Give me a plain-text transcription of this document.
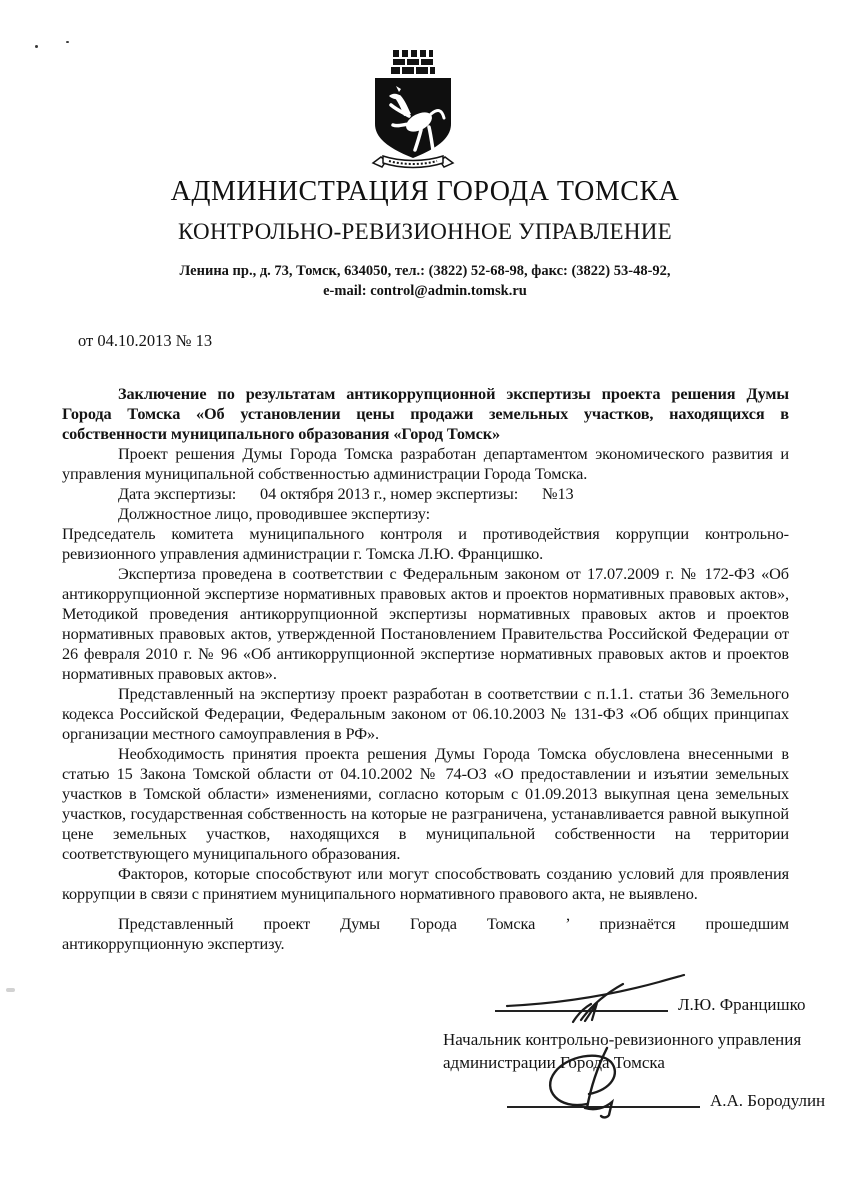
АДМИНИСТРАЦИЯ ГОРОДА ТОМСКА
КОНТРОЛЬНО-РЕВИЗИОННОЕ УПРАВЛЕНИЕ
Ленина пр., д. 73, Томск, 634050, тел.: (3822) 52-68-98, факс: (3822) 53-48-92,
e-mail: control@admin.tomsk.ru
от 04.10.2013 № 13

Заключение по результатам антикоррупционной экспертизы проекта решения Думы Города Томска «Об установлении цены продажи земельных участков, находящихся в собственности муниципального образования «Город Томск»

Проект решения Думы Города Томска разработан департаментом экономического развития и управления муниципальной собственностью администрации Города Томска.

Дата экспертизы:      04 октября 2013 г., номер экспертизы:      №13

Должностное лицо, проводившее экспертизу:

Председатель комитета муниципального контроля и противодействия коррупции контрольно-ревизионного управления администрации г. Томска Л.Ю. Францишко.

Экспертиза проведена в соответствии с Федеральным законом от 17.07.2009 г. № 172-ФЗ «Об антикоррупционной экспертизе нормативных правовых актов и проектов нормативных правовых актов», Методикой проведения антикоррупционной экспертизы нормативных правовых актов и проектов нормативных правовых актов, утвержденной Постановлением Правительства Российской Федерации от 26 февраля 2010 г. № 96 «Об антикоррупционной экспертизе нормативных правовых актов и проектов нормативных правовых актов».

Представленный на экспертизу проект разработан в соответствии с п.1.1. статьи 36 Земельного кодекса Российской Федерации, Федеральным законом от 06.10.2003 № 131-ФЗ «Об общих принципах организации местного самоуправления в РФ».

Необходимость принятия проекта решения Думы Города Томска обусловлена внесенными в статью 15 Закона Томской области от 04.10.2002 № 74-ОЗ «О предоставлении и изъятии земельных участков в Томской области» изменениями, согласно которым с 01.09.2013 выкупная цена земельных участков, государственная собственность на которые не разграничена, устанавливается равной выкупной цене земельных участков, находящихся в муниципальной собственности на территории соответствующего муниципального образования.

Факторов, которые способствуют или могут способствовать созданию условий для проявления коррупции в связи с принятием муниципального нормативного правового акта, не выявлено.

Представленный проект Думы Города Томска ’ признаётся прошедшим
антикоррупционную экспертизу.

Л.Ю. Францишко
Начальник контрольно-ревизионного управления
администрации Города Томска
А.А. Бородулин
